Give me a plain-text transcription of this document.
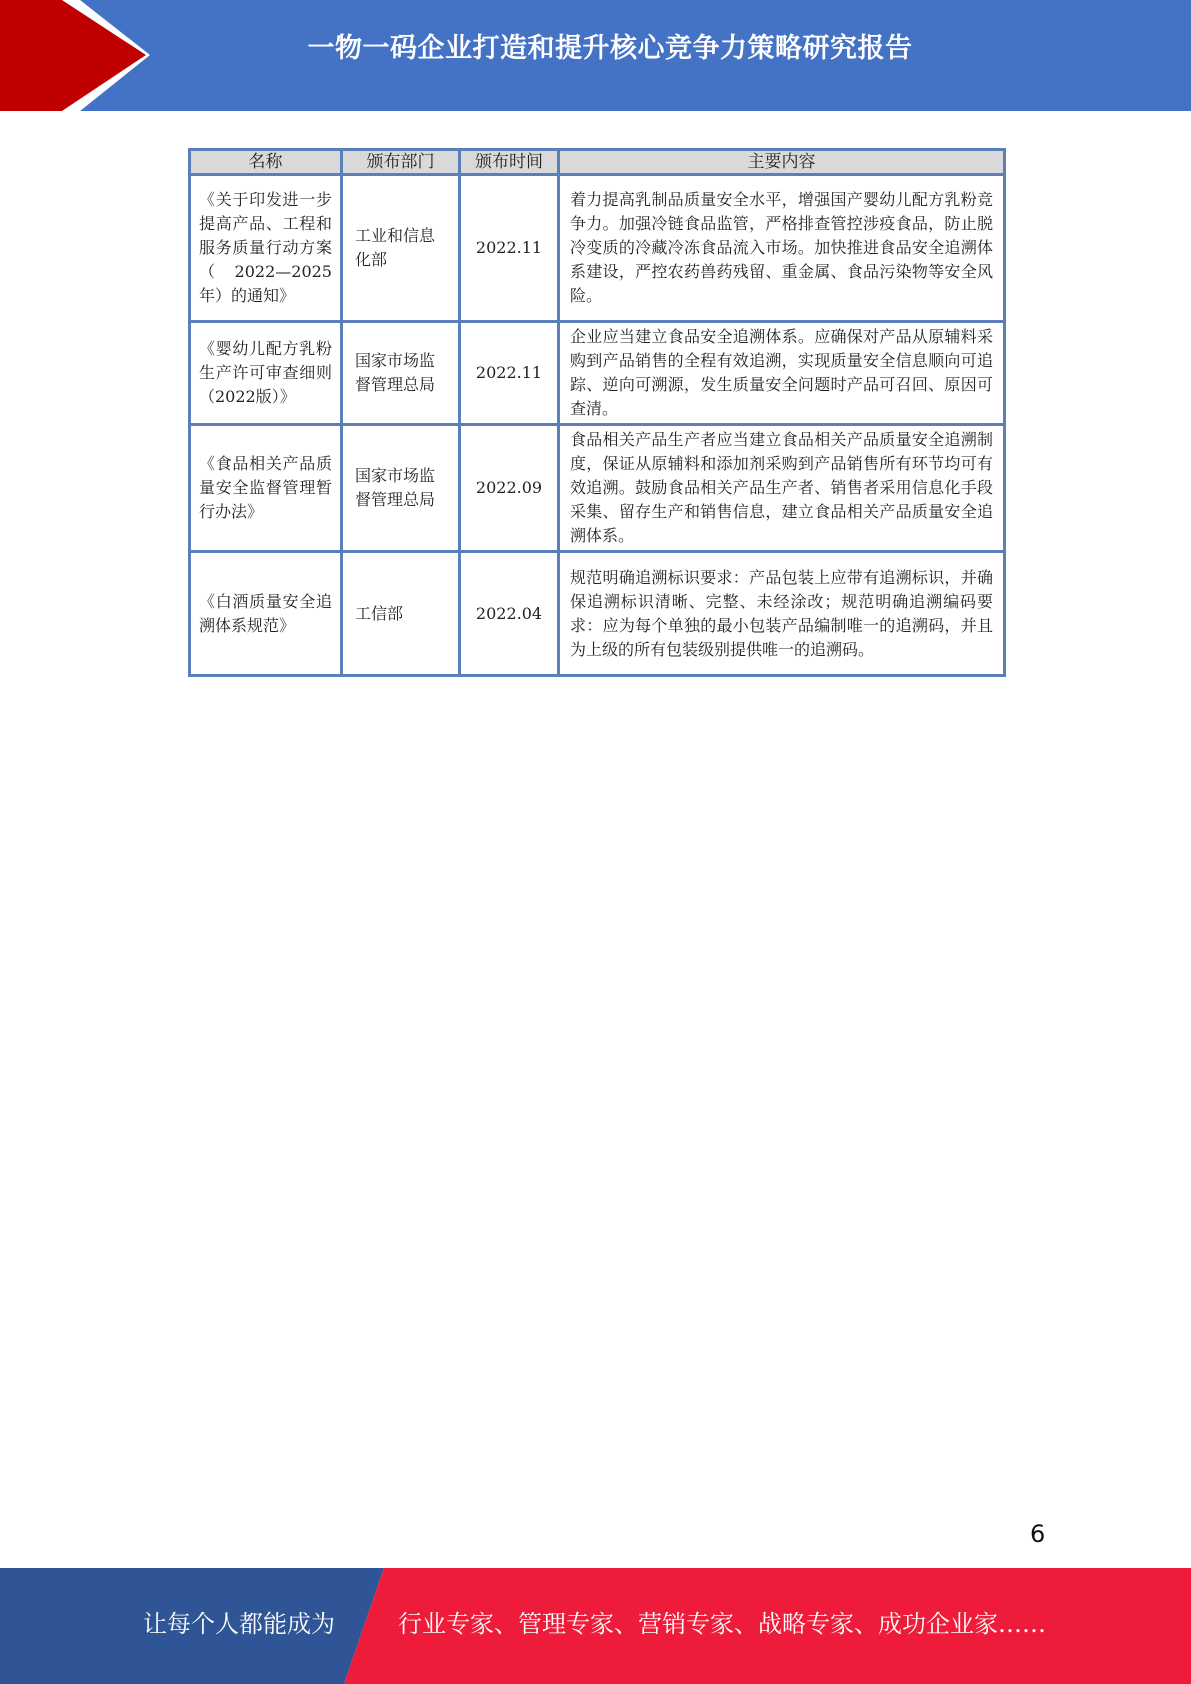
一物一码企业打造和提升核心竞争力策略研究报告
名称	颁布部门	颁布时间	主要内容
《关于印发进一步提高产品、工程和服务质量行动方案（2022—2025年）的通知》	工业和信息化部	2022.11	着力提高乳制品质量安全水平，增强国产婴幼儿配方乳粉竞争力。加强冷链食品监管，严格排查管控涉疫食品，防止脱冷变质的冷藏冷冻食品流入市场。加快推进食品安全追溯体系建设，严控农药兽药残留、重金属、食品污染物等安全风险。
《婴幼儿配方乳粉生产许可审查细则（2022版）》	国家市场监督管理总局	2022.11	企业应当建立食品安全追溯体系。应确保对产品从原辅料采购到产品销售的全程有效追溯，实现质量安全信息顺向可追踪、逆向可溯源，发生质量安全问题时产品可召回、原因可查清。
《食品相关产品质量安全监督管理暂行办法》	国家市场监督管理总局	2022.09	食品相关产品生产者应当建立食品相关产品质量安全追溯制度，保证从原辅料和添加剂采购到产品销售所有环节均可有效追溯。鼓励食品相关产品生产者、销售者采用信息化手段采集、留存生产和销售信息，建立食品相关产品质量安全追溯体系。
《白酒质量安全追溯体系规范》	工信部	2022.04	规范明确追溯标识要求：产品包装上应带有追溯标识，并确保追溯标识清晰、完整、未经涂改；规范明确追溯编码要求：应为每个单独的最小包装产品编制唯一的追溯码，并且为上级的所有包装级别提供唯一的追溯码。
6
让每个人都能成为	行业专家、管理专家、营销专家、战略专家、成功企业家……
